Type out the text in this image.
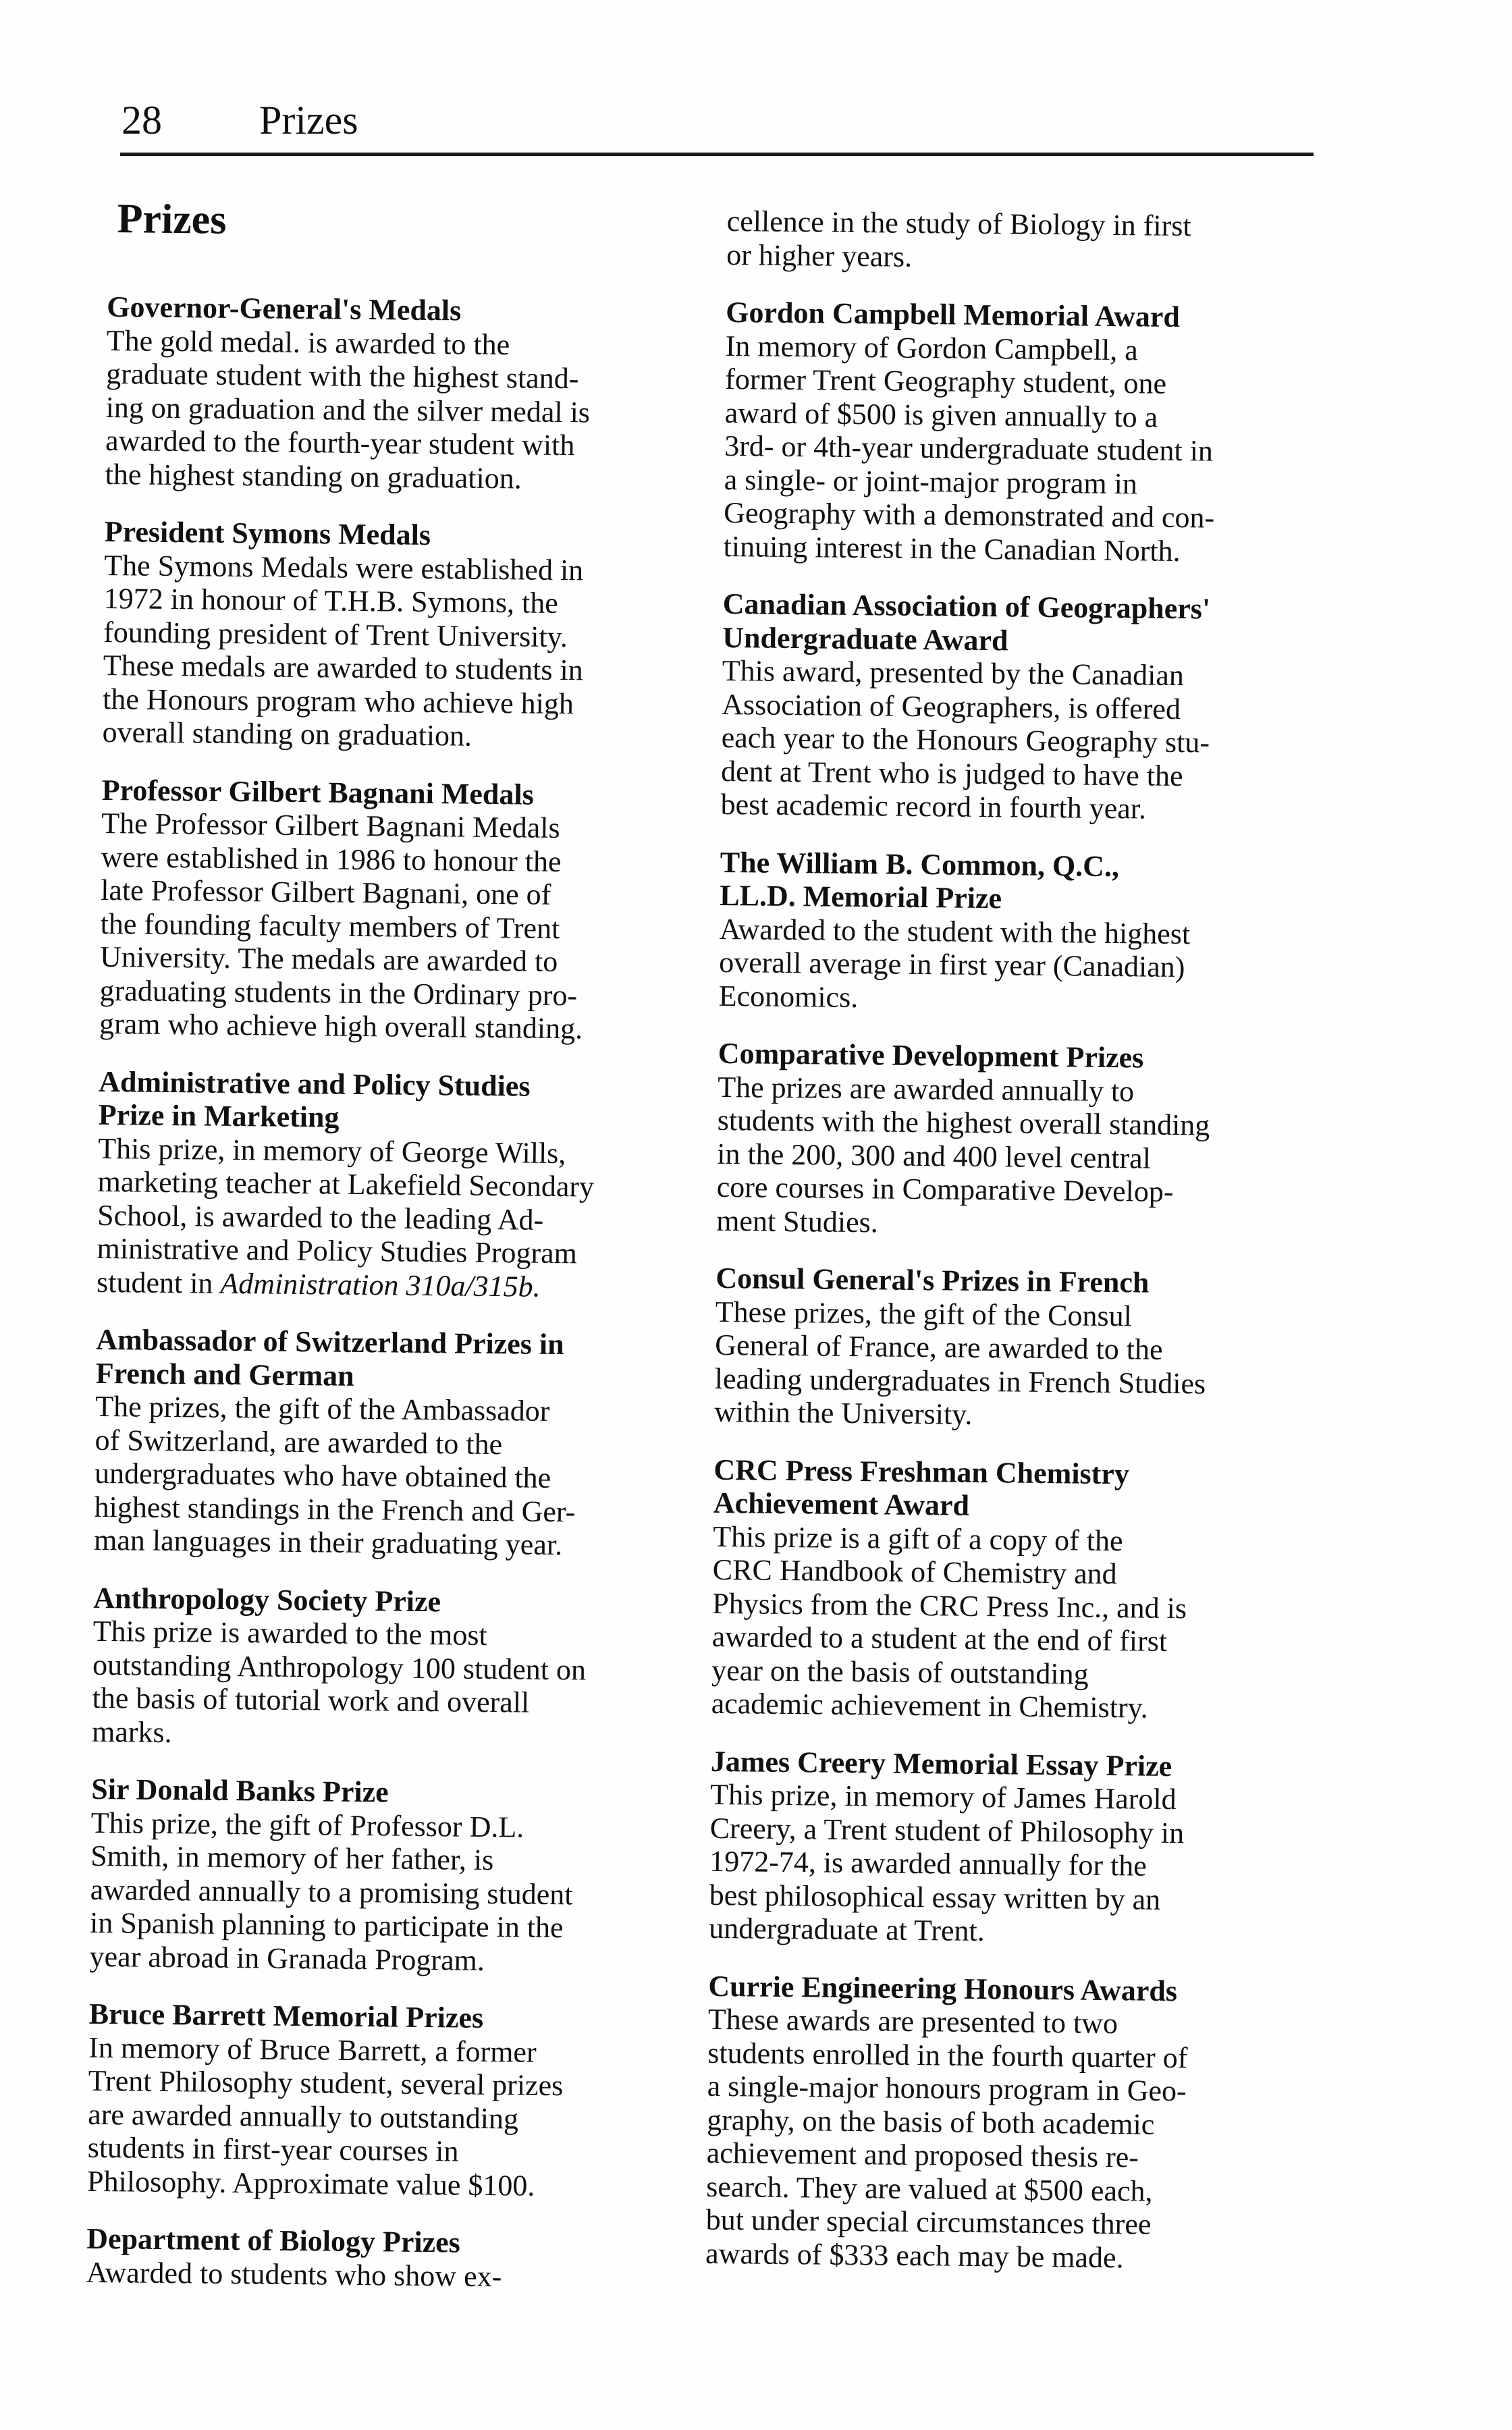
28 Prizes
Prizes
Governor-General's Medals
The gold medal. is awarded to the
graduate student with the highest stand-
ing on graduation and the silver medal is
awarded to the fourth-year student with
the highest standing on graduation.
President Symons Medals
The Symons Medals were established in
1972 in honour of T.H.B. Symons, the
founding president of Trent University.
These medals are awarded to students in
the Honours program who achieve high
overall standing on graduation.
Professor Gilbert Bagnani Medals
The Professor Gilbert Bagnani Medals
were established in 1986 to honour the
late Professor Gilbert Bagnani, one of
the founding faculty members of Trent
University. The medals are awarded to
graduating students in the Ordinary pro-
gram who achieve high overall standing.
Administrative and Policy Studies
Prize in Marketing
This prize, in memory of George Wills,
marketing teacher at Lakefield Secondary
School, is awarded to the leading Ad-
ministrative and Policy Studies Program
student in Administration 310a/315b.
Ambassador of Switzerland Prizes in
French and German
The prizes, the gift of the Ambassador
of Switzerland, are awarded to the
undergraduates who have obtained the
highest standings in the French and Ger-
man languages in their graduating year.
Anthropology Society Prize
This prize is awarded to the most
outstanding Anthropology 100 student on
the basis of tutorial work and overall
marks.
Sir Donald Banks Prize
This prize, the gift of Professor D.L.
Smith, in memory of her father, is
awarded annually to a promising student
in Spanish planning to participate in the
year abroad in Granada Program.
Bruce Barrett Memorial Prizes
In memory of Bruce Barrett, a former
Trent Philosophy student, several prizes
are awarded annually to outstanding
students in first-year courses in
Philosophy. Approximate value $100.
Department of Biology Prizes
Awarded to students who show ex-
cellence in the study of Biology in first
or higher years.
Gordon Campbell Memorial Award
In memory of Gordon Campbell, a
former Trent Geography student, one
award of $500 is given annually to a
3rd- or 4th-year undergraduate student in
a single- or joint-major program in
Geography with a demonstrated and con-
tinuing interest in the Canadian North.
Canadian Association of Geographers'
Undergraduate Award
This award, presented by the Canadian
Association of Geographers, is offered
each year to the Honours Geography stu-
dent at Trent who is judged to have the
best academic record in fourth year.
The William B. Common, Q.C.,
LL.D. Memorial Prize
Awarded to the student with the highest
overall average in first year (Canadian)
Economics.
Comparative Development Prizes
The prizes are awarded annually to
students with the highest overall standing
in the 200, 300 and 400 level central
core courses in Comparative Develop-
ment Studies.
Consul General's Prizes in French
These prizes, the gift of the Consul
General of France, are awarded to the
leading undergraduates in French Studies
within the University.
CRC Press Freshman Chemistry
Achievement Award
This prize is a gift of a copy of the
CRC Handbook of Chemistry and
Physics from the CRC Press Inc., and is
awarded to a student at the end of first
year on the basis of outstanding
academic achievement in Chemistry.
James Creery Memorial Essay Prize
This prize, in memory of James Harold
Creery, a Trent student of Philosophy in
1972-74, is awarded annually for the
best philosophical essay written by an
undergraduate at Trent.
Currie Engineering Honours Awards
These awards are presented to two
students enrolled in the fourth quarter of
a single-major honours program in Geo-
graphy, on the basis of both academic
achievement and proposed thesis re-
search. They are valued at $500 each,
but under special circumstances three
awards of $333 each may be made.
